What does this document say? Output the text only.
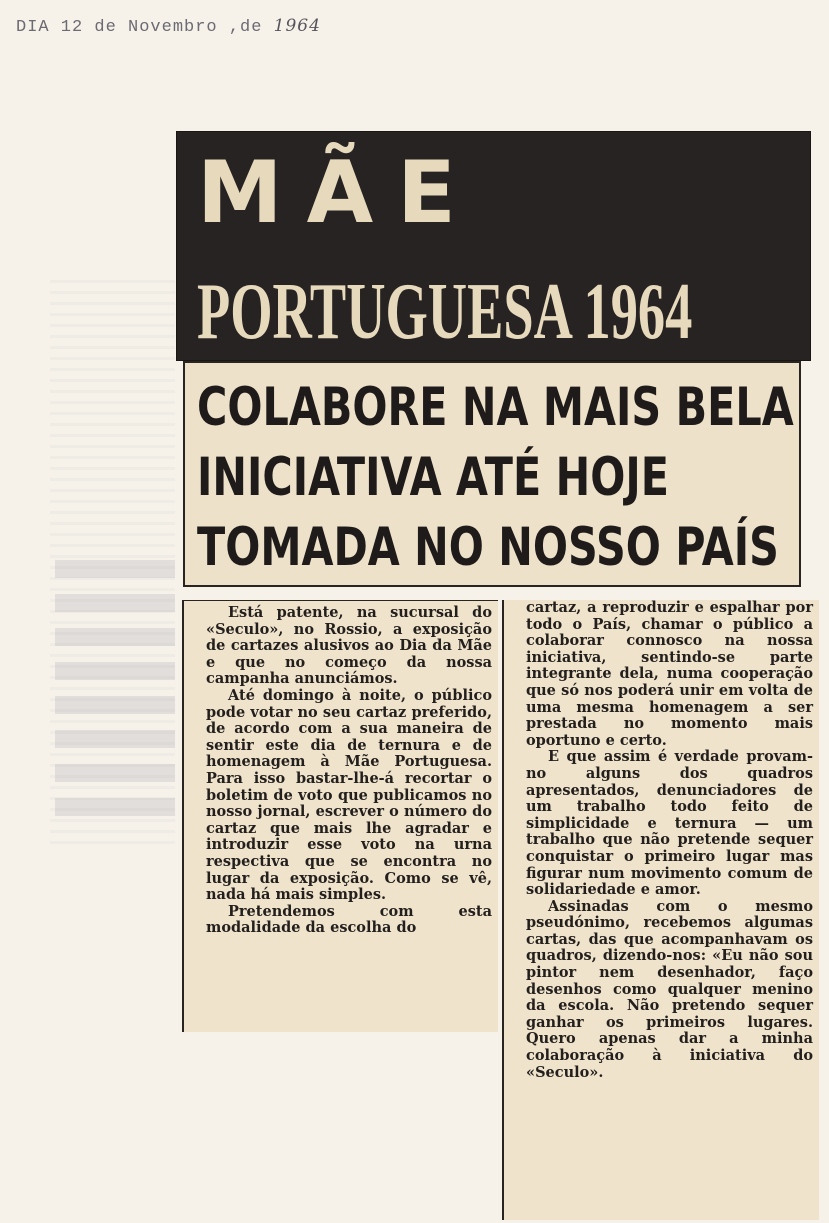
DIA 12 de Novembro ,de 1964
MÃE
PORTUGUESA 1964
COLABORE NA MAIS BELA
INICIATIVA ATÉ HOJE
TOMADA NO NOSSO PAÍS

Está patente, na sucursal do «Seculo», no Rossio, a exposição de cartazes alusivos ao Dia da Mãe e que no começo da nossa campanha anunciámos.

Até domingo à noite, o público pode votar no seu cartaz preferido, de acordo com a sua maneira de sentir este dia de ternura e de homenagem à Mãe Portuguesa. Para isso bastar-lhe-á recortar o boletim de voto que publicamos no nosso jornal, escrever o número do cartaz que mais lhe agradar e introduzir esse voto na urna respectiva que se encontra no lugar da exposição. Como se vê, nada há mais simples.

Pretendemos com esta modalidade da escolha do

cartaz, a reproduzir e espalhar por todo o País, chamar o público a colaborar connosco na nossa iniciativa, sentindo-se parte integrante dela, numa cooperação que só nos poderá unir em volta de uma mesma homenagem a ser prestada no momento mais oportuno e certo.

E que assim é verdade provam-no alguns dos quadros apresentados, denunciadores de um trabalho todo feito de simplicidade e ternura — um trabalho que não pretende sequer conquistar o primeiro lugar mas figurar num movimento comum de solidariedade e amor.

Assinadas com o mesmo pseudónimo, recebemos algumas cartas, das que acompanhavam os quadros, dizendo-nos: «Eu não sou pintor nem desenhador, faço desenhos como qualquer menino da escola. Não pretendo sequer ganhar os primeiros lugares. Quero apenas dar a minha colaboração à iniciativa do «Seculo».
